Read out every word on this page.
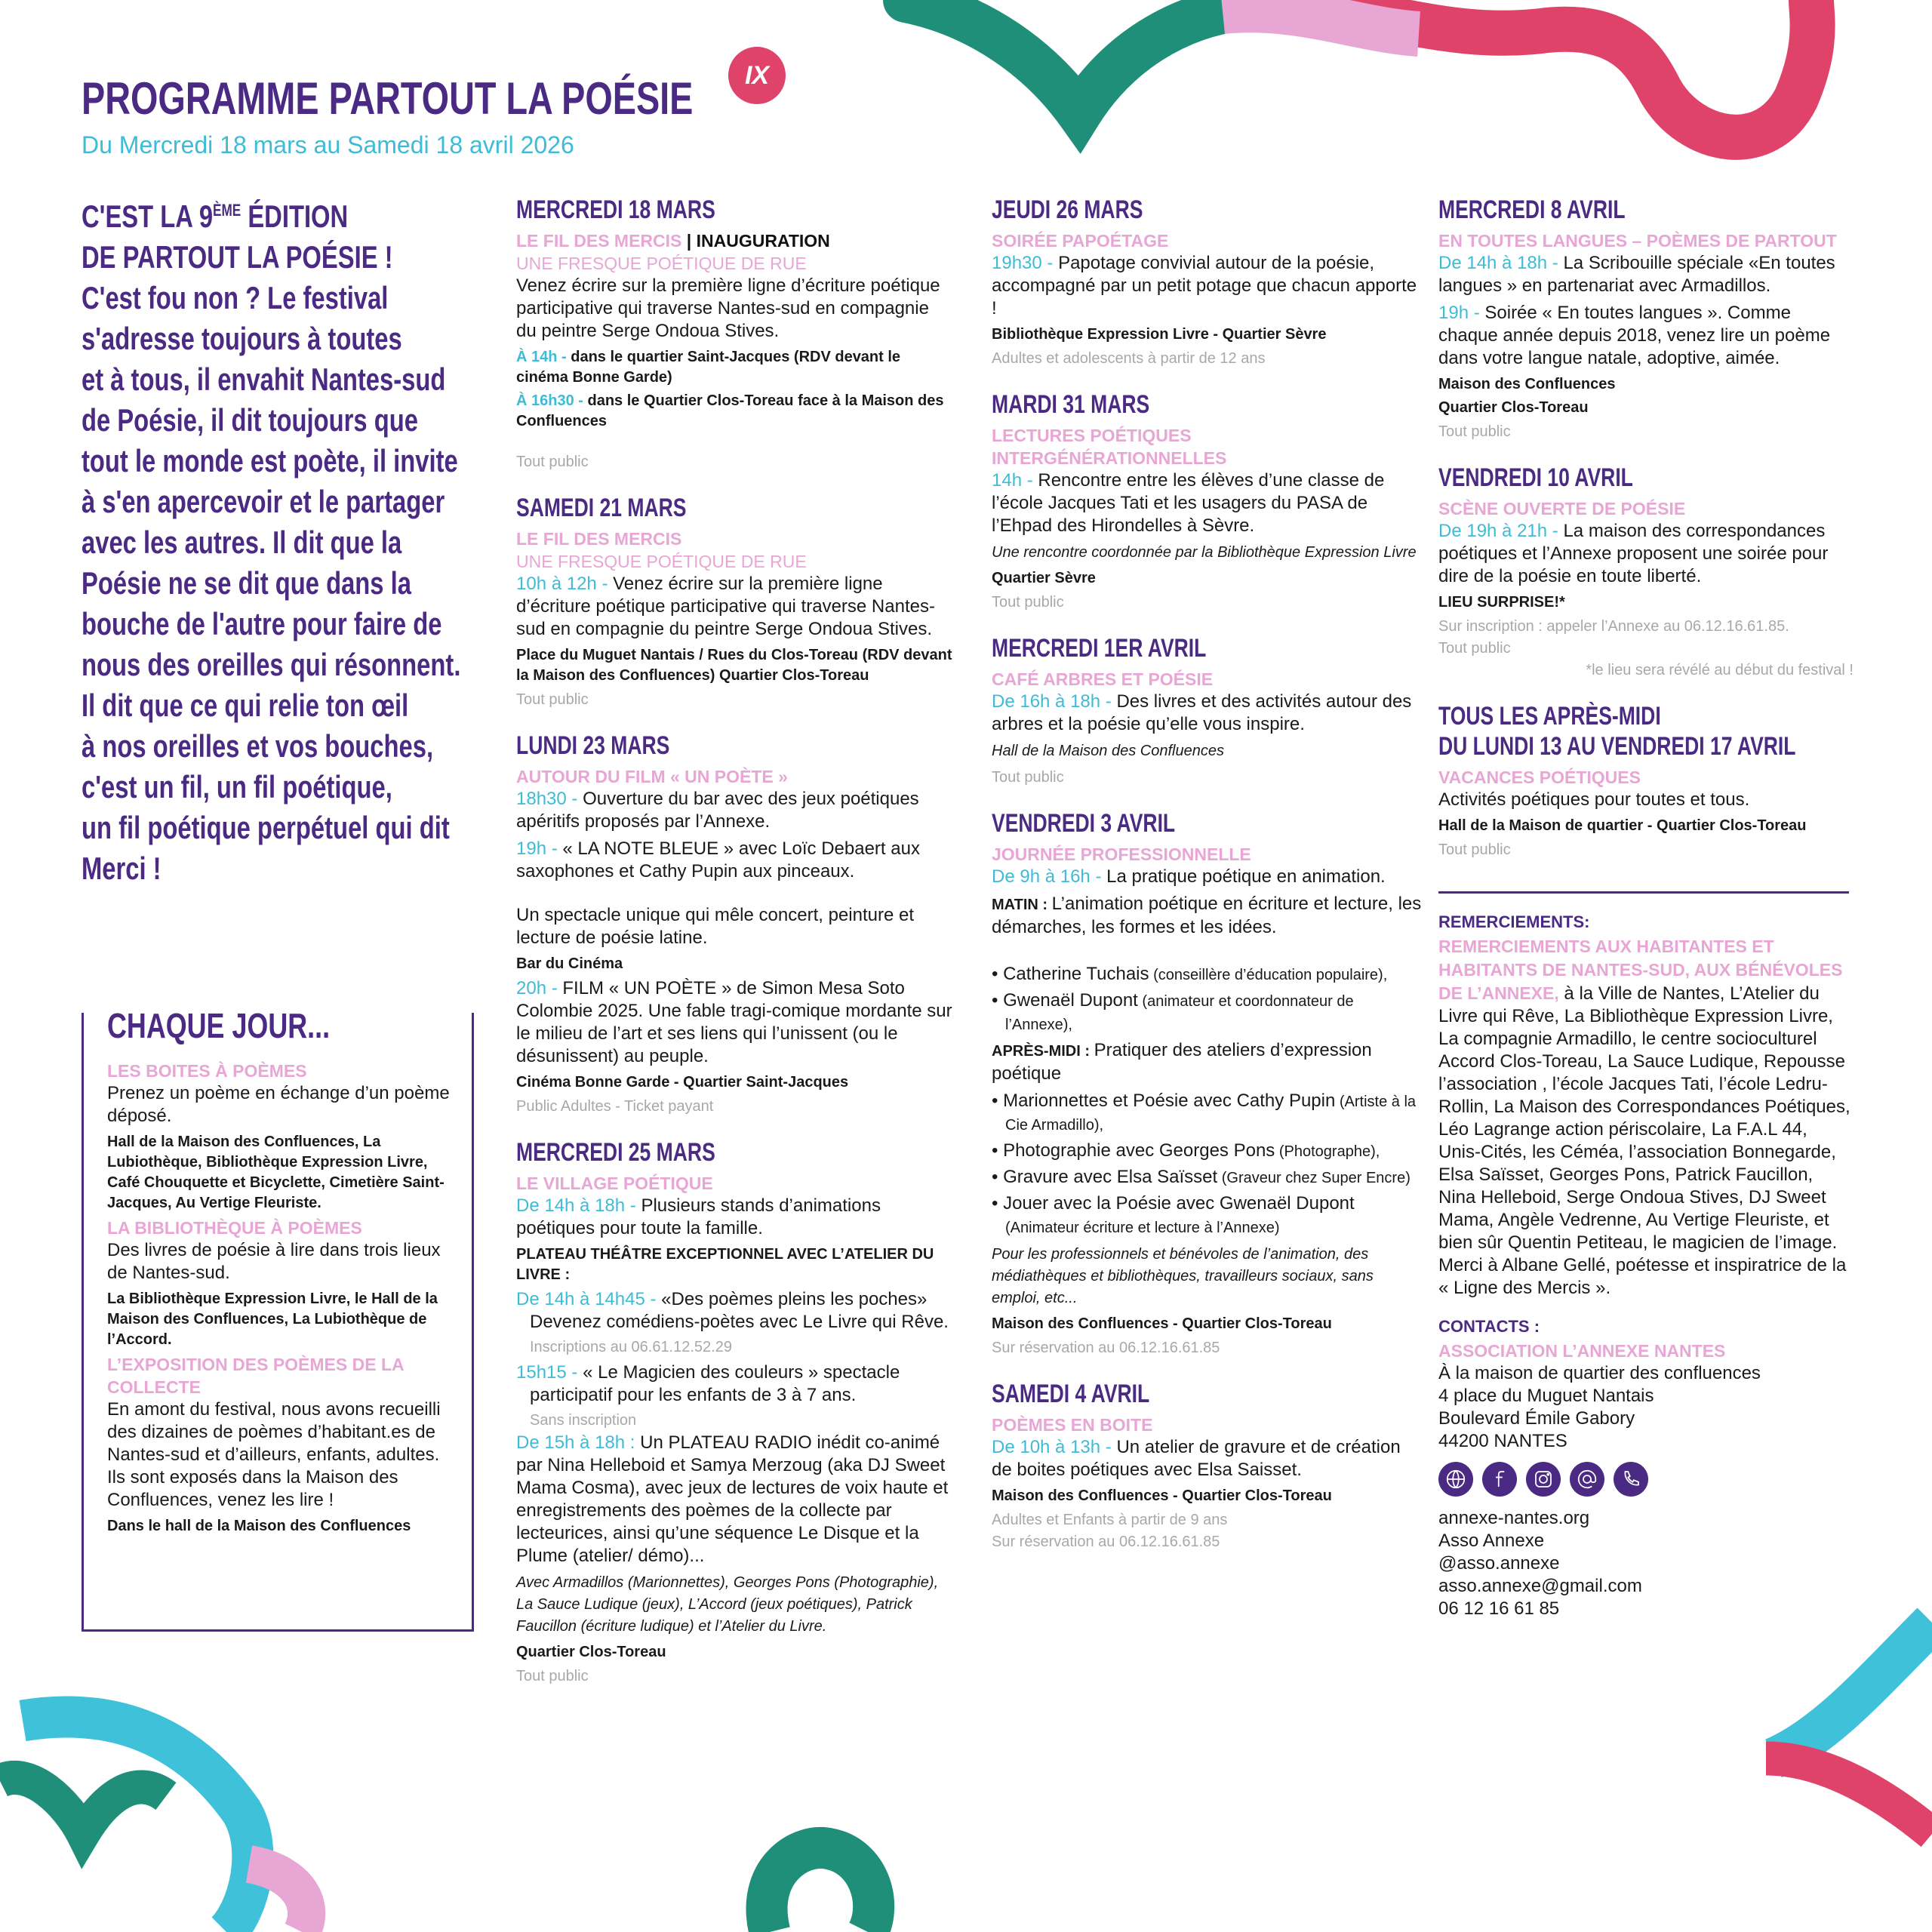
PROGRAMME PARTOUT LA POÉSIE	IX
Du Mercredi 18 mars au Samedi 18 avril 2026
C'EST LA 9ÈME ÉDITION
DE PARTOUT LA POÉSIE !
C'est fou non ? Le festival
s'adresse toujours à toutes
et à tous, il envahit Nantes-sud
de Poésie, il dit toujours que
tout le monde est poète, il invite
à s'en apercevoir et le partager
avec les autres. Il dit que la
Poésie ne se dit que dans la
bouche de l'autre pour faire de
nous des oreilles qui résonnent.
Il dit que ce qui relie ton œil
à nos oreilles et vos bouches,
c'est un fil, un fil poétique,
un fil poétique perpétuel qui dit
Merci !
CHAQUE JOUR...
LES BOITES À POÈMES
Prenez un poème en échange d’un poème déposé.
Hall de la Maison des Confluences, La Lubiothèque, Bibliothèque Expression Livre, Café Chouquette et Bicyclette, Cimetière Saint-Jacques, Au Vertige Fleuriste.
LA BIBLIOTHÈQUE À POÈMES
Des livres de poésie à lire dans trois lieux de Nantes-sud.
La Bibliothèque Expression Livre, le Hall de la Maison des Confluences, La Lubiothèque de l’Accord.
L’EXPOSITION DES POÈMES DE LA COLLECTE
En amont du festival, nous avons recueilli des dizaines de poèmes d’habitant.es de Nantes-sud et d’ailleurs, enfants, adultes. Ils sont exposés dans la Maison des Confluences, venez les lire !
Dans le hall de la Maison des Confluences
MERCREDI 18 MARS
LE FIL DES MERCIS | INAUGURATION
UNE FRESQUE POÉTIQUE DE RUE
Venez écrire sur la première ligne d’écriture poétique participative qui traverse Nantes-sud en compagnie du peintre Serge Ondoua Stives.
À 14h - dans le quartier Saint-Jacques (RDV devant le cinéma Bonne Garde)
À 16h30 - dans le Quartier Clos-Toreau face à la Maison des Confluences
Tout public
SAMEDI 21 MARS
LE FIL DES MERCIS
UNE FRESQUE POÉTIQUE DE RUE
10h à 12h - Venez écrire sur la première ligne d’écriture poétique participative qui traverse Nantes-sud en compagnie du peintre Serge Ondoua Stives.
Place du Muguet Nantais / Rues du Clos-Toreau (RDV devant la Maison des Confluences) Quartier Clos-Toreau
Tout public
LUNDI 23 MARS
AUTOUR DU FILM « UN POÈTE »
18h30 - Ouverture du bar avec des jeux poétiques apéritifs proposés par l’Annexe.
19h - « LA NOTE BLEUE » avec Loïc Debaert aux saxophones et Cathy Pupin aux pinceaux.
Un spectacle unique qui mêle concert, peinture et lecture de poésie latine.
Bar du Cinéma
20h - FILM « UN POÈTE » de Simon Mesa Soto Colombie 2025. Une fable tragi-comique mordante sur le milieu de l’art et ses liens qui l’unissent (ou le désunissent) au peuple.
Cinéma Bonne Garde - Quartier Saint-Jacques
Public Adultes - Ticket payant
MERCREDI 25 MARS
LE VILLAGE POÉTIQUE
De 14h à 18h - Plusieurs stands d’animations poétiques pour toute la famille.
PLATEAU THÉÂTRE EXCEPTIONNEL AVEC L’ATELIER DU LIVRE :
De 14h à 14h45 - «Des poèmes pleins les poches» Devenez comédiens-poètes avec Le Livre qui Rêve.
Inscriptions au 06.61.12.52.29
15h15 - « Le Magicien des couleurs » spectacle participatif pour les enfants de 3 à 7 ans.
Sans inscription
De 15h à 18h : Un PLATEAU RADIO inédit co-animé par Nina Helleboid et Samya Merzoug (aka DJ Sweet Mama Cosma), avec jeux de lectures de voix haute et enregistrements des poèmes de la collecte par lecteurices, ainsi qu’une séquence Le Disque et la Plume (atelier/ démo)...
Avec Armadillos (Marionnettes), Georges Pons (Photographie), La Sauce Ludique (jeux), L’Accord (jeux poétiques), Patrick Faucillon (écriture ludique) et l’Atelier du Livre.
Quartier Clos-Toreau
Tout public
JEUDI 26 MARS
SOIRÉE PAPOÉTAGE
19h30 - Papotage convivial autour de la poésie, accompagné par un petit potage que chacun apporte !
Bibliothèque Expression Livre - Quartier Sèvre
Adultes et adolescents à partir de 12 ans
MARDI 31 MARS
LECTURES POÉTIQUES INTERGÉNÉRATIONNELLES
14h - Rencontre entre les élèves d’une classe de l’école Jacques Tati et les usagers du PASA de l’Ehpad des Hirondelles à Sèvre.
Une rencontre coordonnée par la Bibliothèque Expression Livre
Quartier Sèvre
Tout public
MERCREDI 1ER AVRIL
CAFÉ ARBRES ET POÉSIE
De 16h à 18h - Des livres et des activités autour des arbres et la poésie qu’elle vous inspire.
Hall de la Maison des Confluences
Tout public
VENDREDI 3 AVRIL
JOURNÉE PROFESSIONNELLE
De 9h à 16h - La pratique poétique en animation.
MATIN : L’animation poétique en écriture et lecture, les démarches, les formes et les idées.
• Catherine Tuchais (conseillère d’éducation populaire),
• Gwenaël Dupont (animateur et coordonnateur de l’Annexe),
APRÈS-MIDI : Pratiquer des ateliers d’expression poétique
• Marionnettes et Poésie avec Cathy Pupin (Artiste à la Cie Armadillo),
• Photographie avec Georges Pons (Photographe),
• Gravure avec Elsa Saïsset (Graveur chez Super Encre)
• Jouer avec la Poésie avec Gwenaël Dupont (Animateur écriture et lecture à l’Annexe)
Pour les professionnels et bénévoles de l’animation, des médiathèques et bibliothèques, travailleurs sociaux, sans emploi, etc...
Maison des Confluences - Quartier Clos-Toreau
Sur réservation au 06.12.16.61.85
SAMEDI 4 AVRIL
POÈMES EN BOITE
De 10h à 13h - Un atelier de gravure et de création de boites poétiques avec Elsa Saisset.
Maison des Confluences - Quartier Clos-Toreau
Adultes et Enfants à partir de 9 ans
Sur réservation au 06.12.16.61.85
MERCREDI 8 AVRIL
EN TOUTES LANGUES – POÈMES DE PARTOUT
De 14h à 18h - La Scribouille spéciale «En toutes langues » en partenariat avec Armadillos.
19h - Soirée « En toutes langues ». Comme chaque année depuis 2018, venez lire un poème dans votre langue natale, adoptive, aimée.
Maison des Confluences
Quartier Clos-Toreau
Tout public
VENDREDI 10 AVRIL
SCÈNE OUVERTE DE POÉSIE
De 19h à 21h - La maison des correspondances poétiques et l’Annexe proposent une soirée pour dire de la poésie en toute liberté.
LIEU SURPRISE!*
Sur inscription : appeler l’Annexe au 06.12.16.61.85.
Tout public
*le lieu sera révélé au début du festival !
TOUS LES APRÈS-MIDI
DU LUNDI 13 AU VENDREDI 17 AVRIL
VACANCES POÉTIQUES
Activités poétiques pour toutes et tous.
Hall de la Maison de quartier - Quartier Clos-Toreau
Tout public
REMERCIEMENTS:
REMERCIEMENTS AUX HABITANTES ET HABITANTS DE NANTES-SUD, AUX BÉNÉVOLES DE L’ANNEXE, à la Ville de Nantes, L’Atelier du Livre qui Rêve, La Bibliothèque Expression Livre, La compagnie Armadillo, le centre socioculturel Accord Clos-Toreau, La Sauce Ludique, Repousse l’association , l’école Jacques Tati, l’école Ledru-Rollin, La Maison des Correspondances Poétiques, Léo Lagrange action périscolaire, La F.A.L 44, Unis-Cités, les Céméa, l’association Bonnegarde, Elsa Saïsset, Georges Pons, Patrick Faucillon, Nina Helleboid, Serge Ondoua Stives, DJ Sweet Mama, Angèle Vedrenne, Au Vertige Fleuriste, et bien sûr Quentin Petiteau, le magicien de l’image. Merci à Albane Gellé, poétesse et inspiratrice de la « Ligne des Mercis ».
CONTACTS :
ASSOCIATION L’ANNEXE NANTES
À la maison de quartier des confluences
4 place du Muguet Nantais
Boulevard Émile Gabory
44200 NANTES
annexe-nantes.org
Asso Annexe
@asso.annexe
asso.annexe@gmail.com
06 12 16 61 85
